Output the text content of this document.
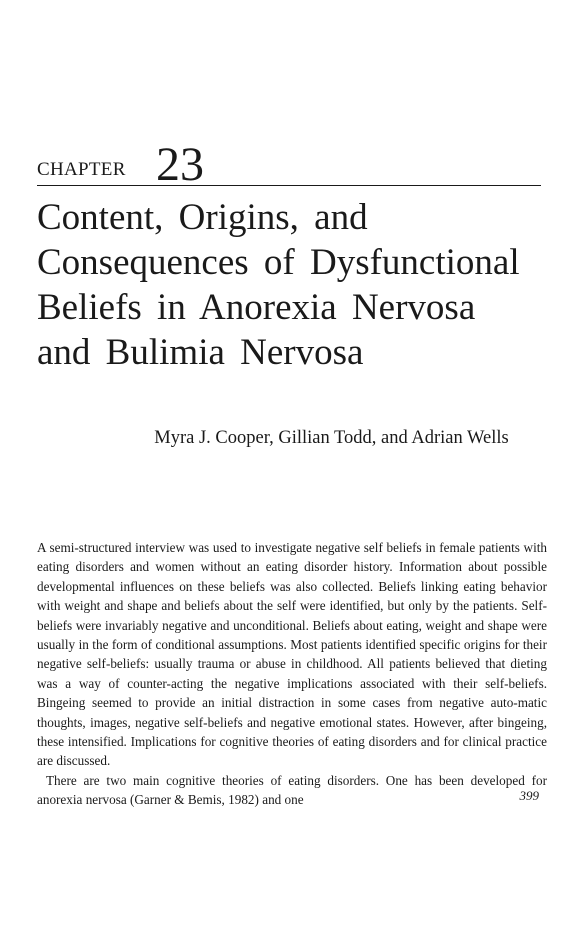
CHAPTER 23
Content, Origins, and
Consequences of Dysfunctional
Beliefs in Anorexia Nervosa
and Bulimia Nervosa
Myra J. Cooper, Gillian Todd, and Adrian Wells

A semi-structured interview was used to investigate negative self beliefs in female patients with eating disorders and women without an eating disorder history. Information about possible developmental influences on these beliefs was also collected. Beliefs linking eating behavior with weight and shape and beliefs about the self were identified, but only by the patients. Self-beliefs were invariably negative and unconditional. Beliefs about eating, weight and shape were usually in the form of conditional assumptions. Most patients identified specific origins for their negative self-beliefs: usually trauma or abuse in childhood. All patients believed that dieting was a way of counter-acting the negative implications associated with their self-beliefs. Bingeing seemed to provide an initial distraction in some cases from negative auto-matic thoughts, images, negative self-beliefs and negative emotional states. However, after bingeing, these intensified. Implications for cognitive theories of eating disorders and for clinical practice are discussed.

There are two main cognitive theories of eating disorders. One has been developed for anorexia nervosa (Garner & Bemis, 1982) and one	399
